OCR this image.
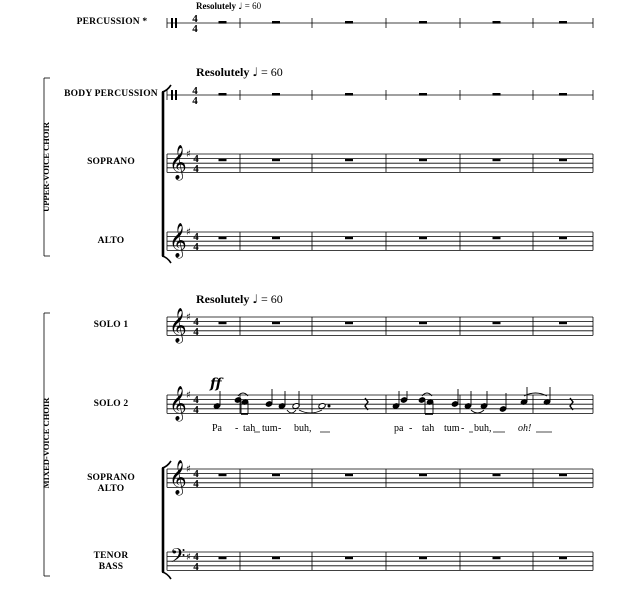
4
4
4
4
𝄞 ♯ 4
4
𝄞 ♯ 4
4
𝄞 ♯ 4
4
𝄞 ♯ 4
4
𝄞 ♯ 4
4
𝄢 ♯ 4
4
Resolutely ♩ = 60
Resolutely ♩ = 60
Resolutely ♩ = 60
PERCUSSION *
BODY PERCUSSION
SOPRANO
ALTO
SOLO 1
SOLO 2
SOPRANO
ALTO
TENOR
BASS
UPPER-VOICE CHOIR
MIXED-VOICE CHOIR
ff
Pa - tah tum - buh,	pa - tah tum - buh,	oh!
